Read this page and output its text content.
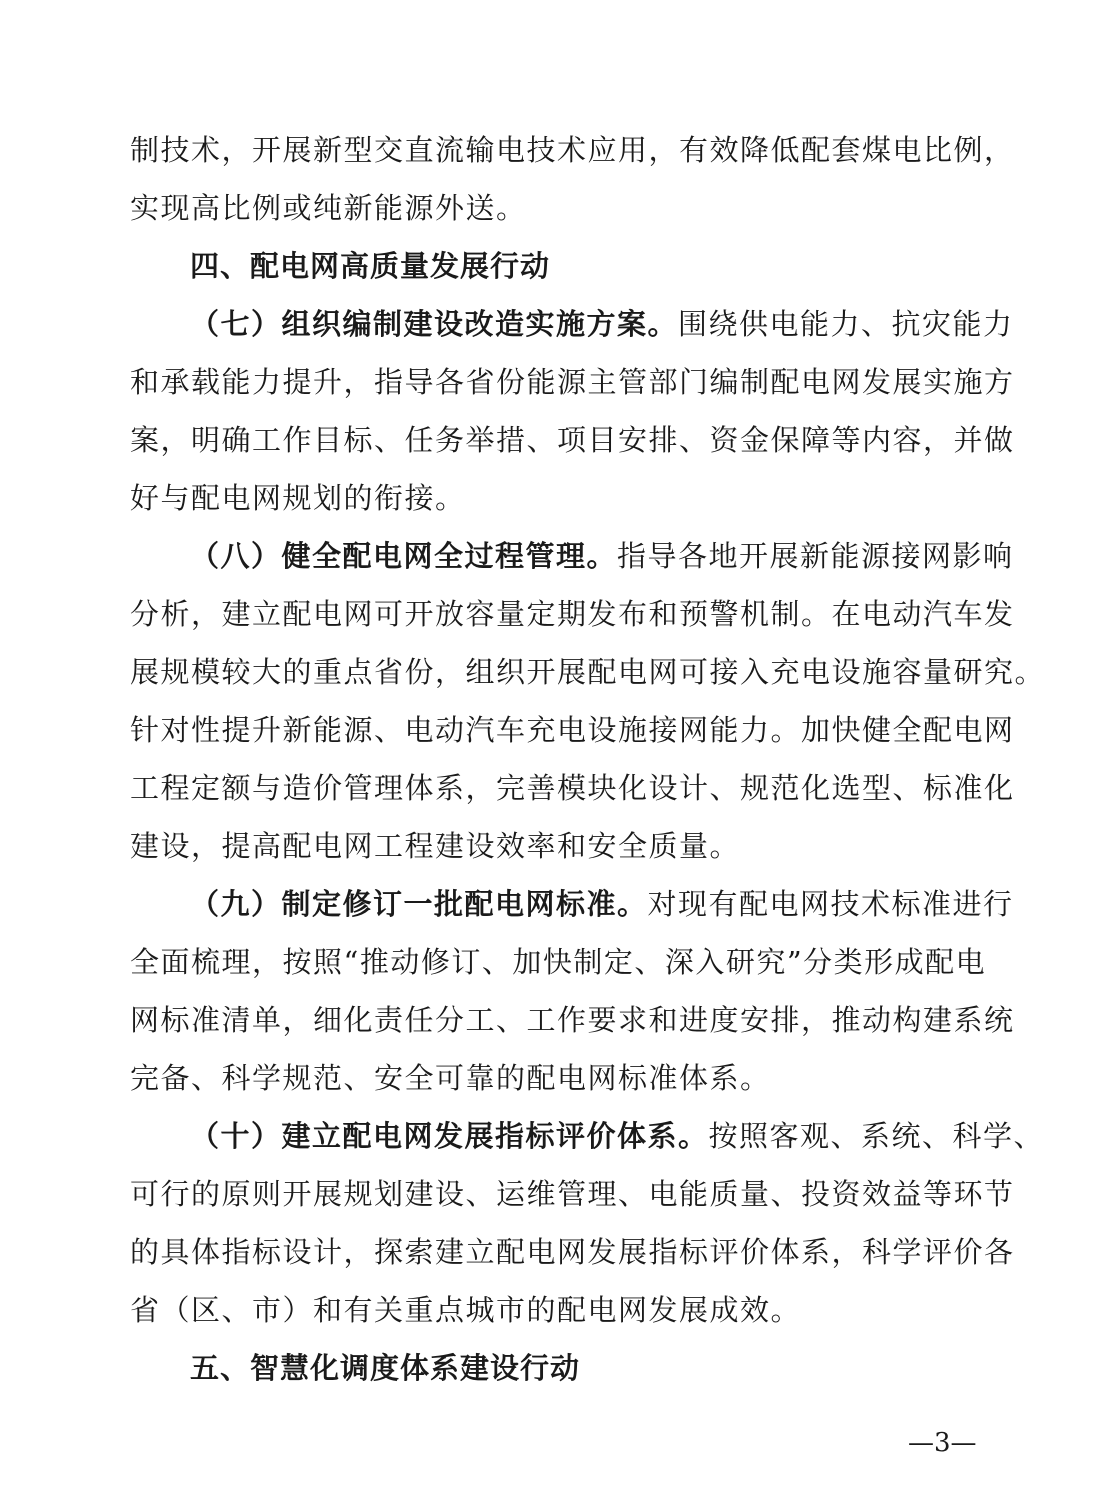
制技术，开展新型交直流输电技术应用，有效降低配套煤电比例，
实现高比例或纯新能源外送。
四、配电网高质量发展行动
（七）组织编制建设改造实施方案。围绕供电能力、抗灾能力
和承载能力提升，指导各省份能源主管部门编制配电网发展实施方
案，明确工作目标、任务举措、项目安排、资金保障等内容，并做
好与配电网规划的衔接。
（八）健全配电网全过程管理。指导各地开展新能源接网影响
分析，建立配电网可开放容量定期发布和预警机制。在电动汽车发
展规模较大的重点省份，组织开展配电网可接入充电设施容量研究。
针对性提升新能源、电动汽车充电设施接网能力。加快健全配电网
工程定额与造价管理体系，完善模块化设计、规范化选型、标准化
建设，提高配电网工程建设效率和安全质量。
（九）制定修订一批配电网标准。对现有配电网技术标准进行
全面梳理，按照“推动修订、加快制定、深入研究”分类形成配电
网标准清单，细化责任分工、工作要求和进度安排，推动构建系统
完备、科学规范、安全可靠的配电网标准体系。
（十）建立配电网发展指标评价体系。按照客观、系统、科学、
可行的原则开展规划建设、运维管理、电能质量、投资效益等环节
的具体指标设计，探索建立配电网发展指标评价体系，科学评价各
省（区、市）和有关重点城市的配电网发展成效。
五、智慧化调度体系建设行动
—3—
